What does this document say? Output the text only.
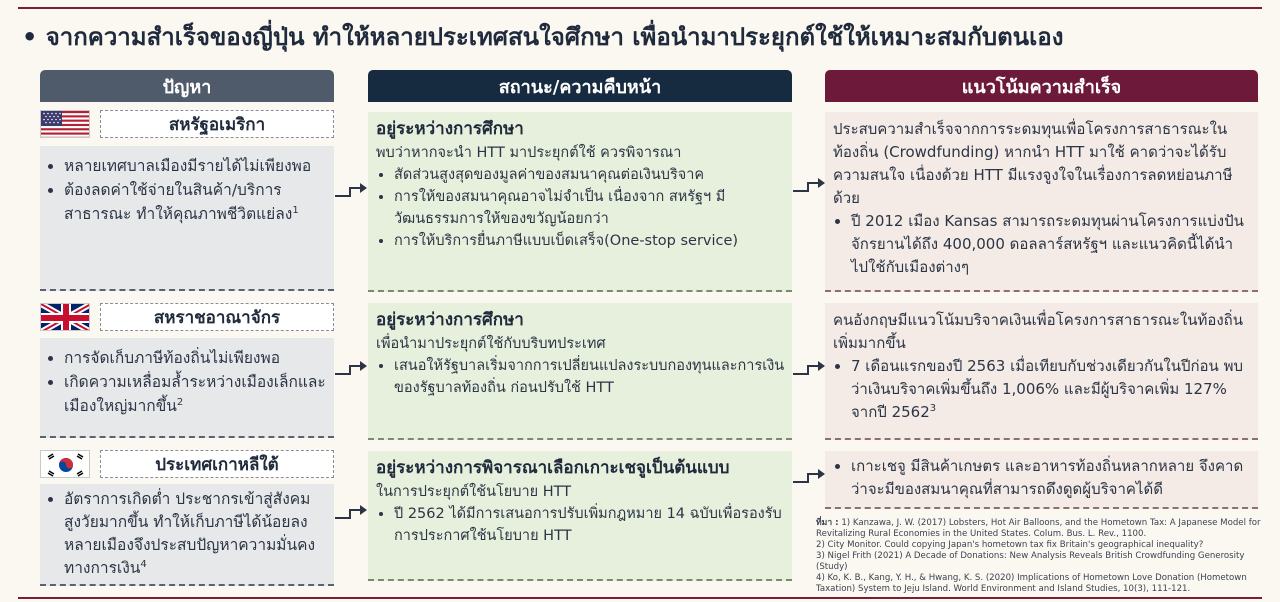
• จากความสำเร็จของญี่ปุ่น ทำให้หลายประเทศสนใจศึกษา เพื่อนำมาประยุกต์ใช้ให้เหมาะสมกับตนเอง
ปัญหา	สถานะ/ความคืบหน้า	แนวโน้มความสำเร็จ
สหรัฐอเมริกา
• หลายเทศบาลเมืองมีรายได้ไม่เพียงพอ
• ต้องลดค่าใช้จ่ายในสินค้า/บริการสาธารณะ ทำให้คุณภาพชีวิตแย่ลง$^1$
อยู่ระหว่างการศึกษา
พบว่าหากจะนำ HTT มาประยุกต์ใช้ ควรพิจารณา
• สัดส่วนสูงสุดของมูลค่าของสมนาคุณต่อเงินบริจาค
• การให้ของสมนาคุณอาจไม่จำเป็น เนื่องจาก สหรัฐฯ มีวัฒนธรรมการให้ของขวัญน้อยกว่า
• การให้บริการยื่นภาษีแบบเบ็ดเสร็จ(One-stop service)
ประสบความสำเร็จจากการระดมทุนเพื่อโครงการสาธารณะในท้องถิ่น (Crowdfunding) หากนำ HTT มาใช้ คาดว่าจะได้รับความสนใจ เนื่องด้วย HTT มีแรงจูงใจในเรื่องการลดหย่อนภาษีด้วย
• ปี 2012 เมือง Kansas สามารถระดมทุนผ่านโครงการแบ่งปันจักรยานได้ถึง 400,000 ดอลลาร์สหรัฐฯ และแนวคิดนี้ได้นำไปใช้กับเมืองต่างๆ
สหราชอาณาจักร
• การจัดเก็บภาษีท้องถิ่นไม่เพียงพอ
• เกิดความเหลื่อมล้ำระหว่างเมืองเล็กและเมืองใหญ่มากขึ้น$^2$
อยู่ระหว่างการศึกษา
เพื่อนำมาประยุกต์ใช้กับบริบทประเทศ
• เสนอให้รัฐบาลเริ่มจากการเปลี่ยนแปลงระบบกองทุนและการเงินของรัฐบาลท้องถิ่น ก่อนปรับใช้ HTT
คนอังกฤษมีแนวโน้มบริจาคเงินเพื่อโครงการสาธารณะในท้องถิ่นเพิ่มมากขึ้น
• 7 เดือนแรกของปี 2563 เมื่อเทียบกับช่วงเดียวกันในปีก่อน พบว่าเงินบริจาคเพิ่มขึ้นถึง 1,006% และมีผู้บริจาคเพิ่ม 127% จากปี 2562$^3$
ประเทศเกาหลีใต้
• อัตราการเกิดต่ำ ประชากรเข้าสู่สังคมสูงวัยมากขึ้น ทำให้เก็บภาษีได้น้อยลง หลายเมืองจึงประสบปัญหาความมั่นคงทางการเงิน$^4$
อยู่ระหว่างการพิจารณาเลือกเกาะเชจูเป็นต้นแบบ
ในการประยุกต์ใช้นโยบาย HTT
• ปี 2562 ได้มีการเสนอการปรับเพิ่มกฎหมาย 14 ฉบับเพื่อรองรับการประกาศใช้นโยบาย HTT
• เกาะเชจู มีสินค้าเกษตร และอาหารท้องถิ่นหลากหลาย จึงคาดว่าจะมีของสมนาคุณที่สามารถดึงดูดผู้บริจาคได้ดี
ที่มา : 1) Kanzawa, J. W. (2017) Lobsters, Hot Air Balloons, and the Hometown Tax: A Japanese Model for Revitalizing Rural Economies in the United States. Colum. Bus. L. Rev., 1100.
2) City Monitor. Could copying Japan's hometown tax fix Britain's geographical inequality?
3) Nigel Frith (2021) A Decade of Donations: New Analysis Reveals British Crowdfunding Generosity (Study)
4) Ko, K. B., Kang, Y. H., & Hwang, K. S. (2020) Implications of Hometown Love Donation (Hometown Taxation) System to Jeju Island. World Environment and Island Studies, 10(3), 111-121.
